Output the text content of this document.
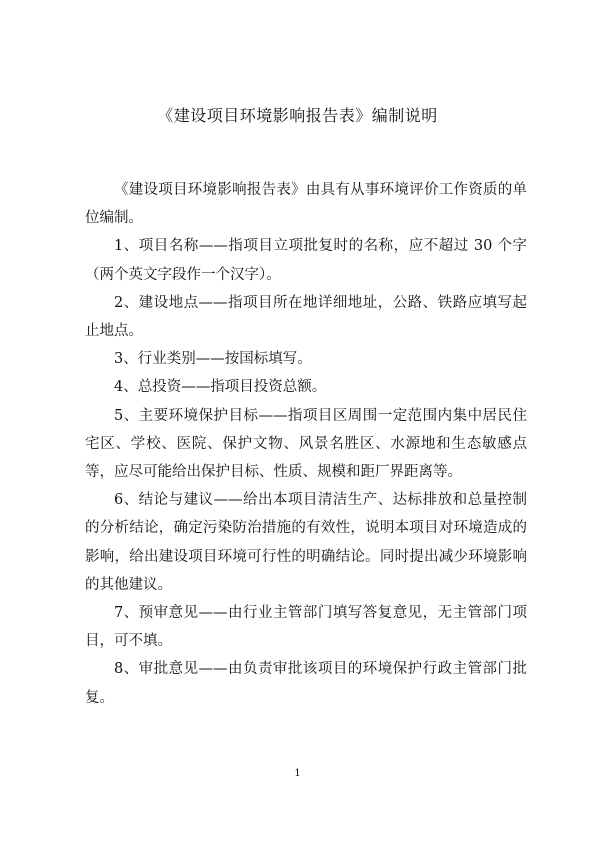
《建设项目环境影响报告表》编制说明

《建设项目环境影响报告表》由具有从事环境评价工作资质的单位编制。

1、项目名称——指项目立项批复时的名称，应不超过 30 个字（两个英文字段作一个汉字）。

2、建设地点——指项目所在地详细地址，公路、铁路应填写起止地点。

3、行业类别——按国标填写。

4、总投资——指项目投资总额。

5、主要环境保护目标——指项目区周围一定范围内集中居民住宅区、学校、医院、保护文物、风景名胜区、水源地和生态敏感点等，应尽可能给出保护目标、性质、规模和距厂界距离等。

6、结论与建议——给出本项目清洁生产、达标排放和总量控制的分析结论，确定污染防治措施的有效性，说明本项目对环境造成的影响，给出建设项目环境可行性的明确结论。同时提出减少环境影响的其他建议。

7、预审意见——由行业主管部门填写答复意见，无主管部门项目，可不填。

8、审批意见——由负责审批该项目的环境保护行政主管部门批复。

1
